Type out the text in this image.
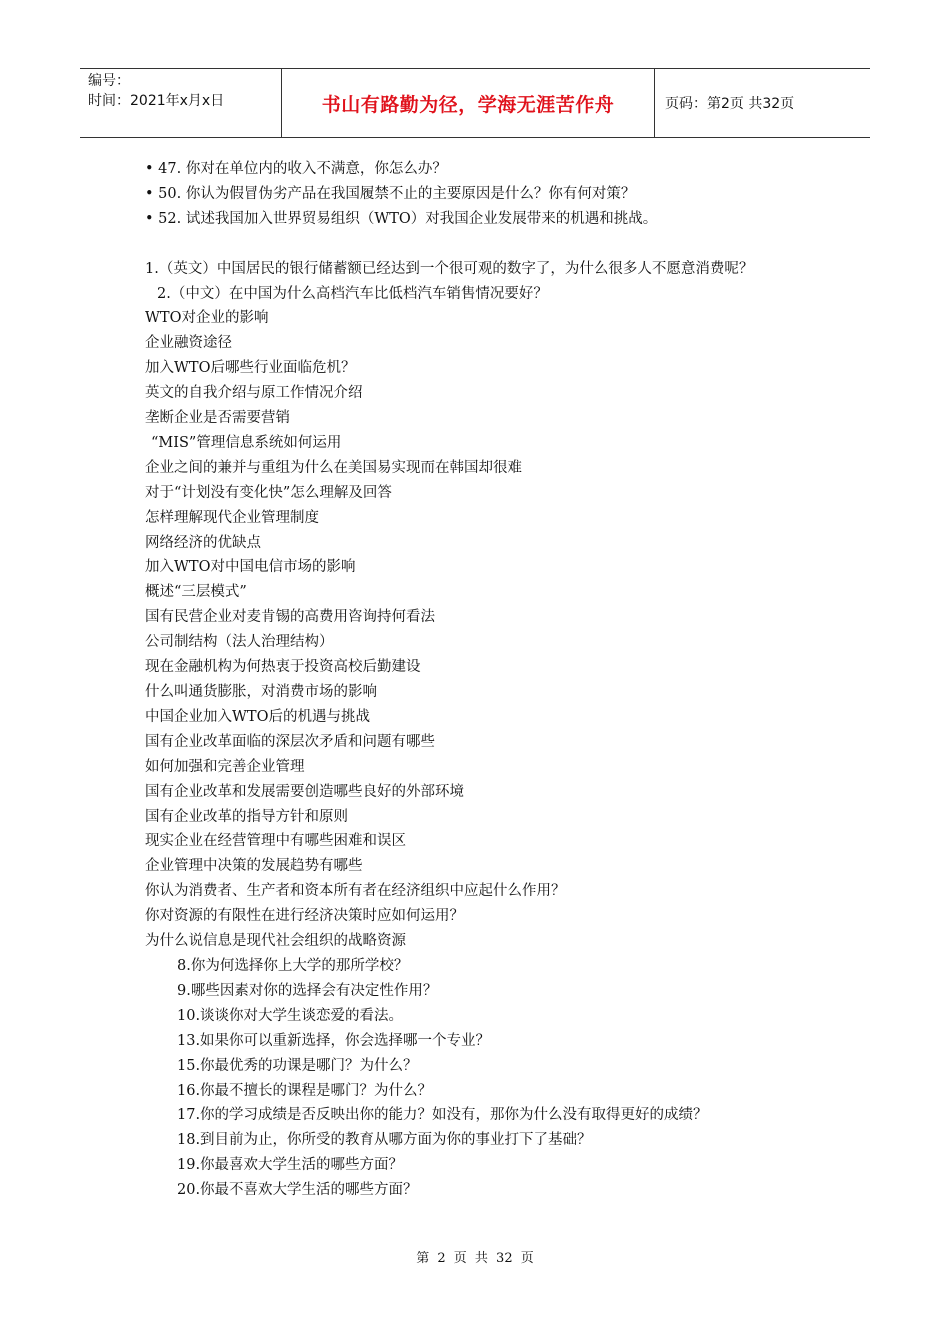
编号：
时间：2021年x月x日	书山有路勤为径，学海无涯苦作舟	页码：第2页 共32页
• 47. 你对在单位内的收入不满意，你怎么办？
• 50. 你认为假冒伪劣产品在我国履禁不止的主要原因是什么？你有何对策？
• 52. 试述我国加入世界贸易组织（WTO）对我国企业发展带来的机遇和挑战。
1.（英文）中国居民的银行储蓄额已经达到一个很可观的数字了，为什么很多人不愿意消费呢？
2.（中文）在中国为什么高档汽车比低档汽车销售情况要好？
WTO对企业的影响
企业融资途径
加入WTO后哪些行业面临危机？
英文的自我介绍与原工作情况介绍
垄断企业是否需要营销
“MIS”管理信息系统如何运用
企业之间的兼并与重组为什么在美国易实现而在韩国却很难
对于“计划没有变化快”怎么理解及回答
怎样理解现代企业管理制度
网络经济的优缺点
加入WTO对中国电信市场的影响
概述“三层模式”
国有民营企业对麦肯锡的高费用咨询持何看法
公司制结构（法人治理结构）
现在金融机构为何热衷于投资高校后勤建设
什么叫通货膨胀，对消费市场的影响
中国企业加入WTO后的机遇与挑战
国有企业改革面临的深层次矛盾和问题有哪些
如何加强和完善企业管理
国有企业改革和发展需要创造哪些良好的外部环境
国有企业改革的指导方针和原则
现实企业在经营管理中有哪些困难和误区
企业管理中决策的发展趋势有哪些
你认为消费者、生产者和资本所有者在经济组织中应起什么作用？
你对资源的有限性在进行经济决策时应如何运用？
为什么说信息是现代社会组织的战略资源
8.你为何选择你上大学的那所学校？
9.哪些因素对你的选择会有决定性作用？
10.谈谈你对大学生谈恋爱的看法。
13.如果你可以重新选择，你会选择哪一个专业？
15.你最优秀的功课是哪门？为什么？
16.你最不擅长的课程是哪门？为什么？
17.你的学习成绩是否反映出你的能力？如没有，那你为什么没有取得更好的成绩？
18.到目前为止，你所受的教育从哪方面为你的事业打下了基础？
19.你最喜欢大学生活的哪些方面？
20.你最不喜欢大学生活的哪些方面？
第 2 页 共 32 页
